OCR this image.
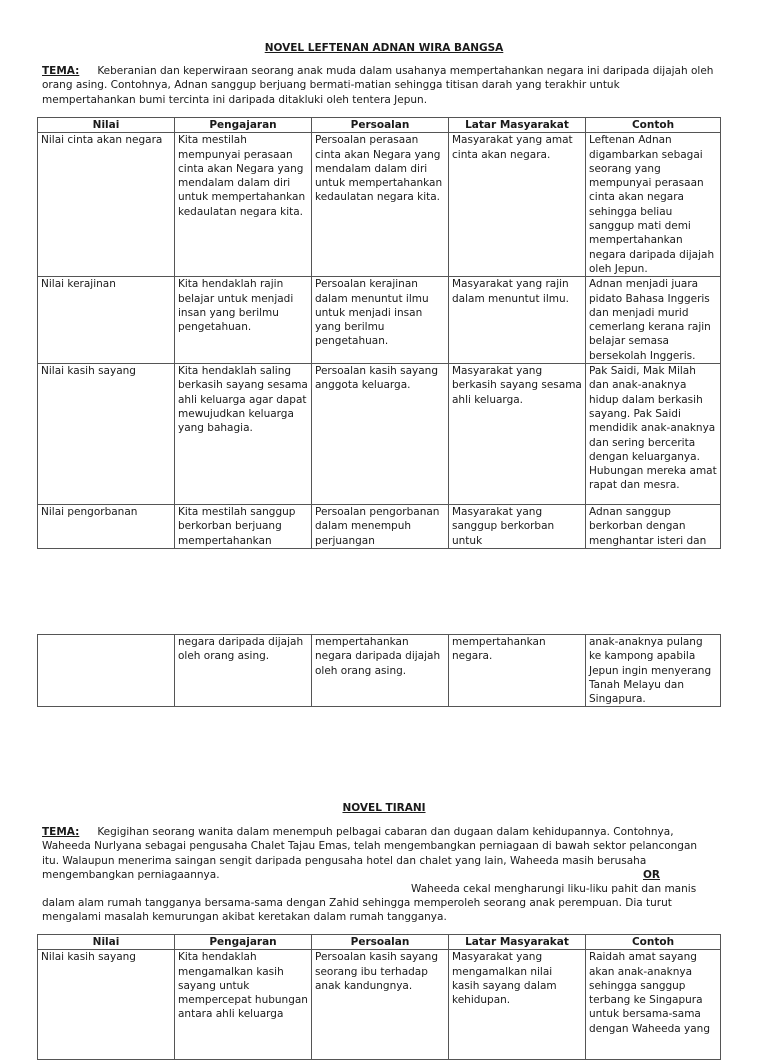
NOVEL LEFTENAN ADNAN WIRA BANGSA
TEMA: Keberanian dan keperwiraan seorang anak muda dalam usahanya mempertahankan negara ini daripada dijajah oleh orang asing. Contohnya, Adnan sanggup berjuang bermati-matian sehingga titisan darah yang terakhir untuk mempertahankan bumi tercinta ini daripada ditakluki oleh tentera Jepun.
Nilai	Pengajaran	Persoalan	Latar Masyarakat	Contoh
Nilai cinta akan negara	Kita mestilah mempunyai perasaan cinta akan Negara yang mendalam dalam diri untuk mempertahankan kedaulatan negara kita.	Persoalan perasaan cinta akan Negara yang mendalam dalam diri untuk mempertahankan kedaulatan negara kita.	Masyarakat yang amat cinta akan negara.	Leftenan Adnan digambarkan sebagai seorang yang mempunyai perasaan cinta akan negara sehingga beliau sanggup mati demi mempertahankan negara daripada dijajah oleh Jepun.
Nilai kerajinan	Kita hendaklah rajin belajar untuk menjadi insan yang berilmu pengetahuan.	Persoalan kerajinan dalam menuntut ilmu untuk menjadi insan yang berilmu pengetahuan.	Masyarakat yang rajin dalam menuntut ilmu.	Adnan menjadi juara pidato Bahasa Inggeris dan menjadi murid cemerlang kerana rajin belajar semasa bersekolah Inggeris.
Nilai kasih sayang	Kita hendaklah saling berkasih sayang sesama ahli keluarga agar dapat mewujudkan keluarga yang bahagia.	Persoalan kasih sayang anggota keluarga.	Masyarakat yang berkasih sayang sesama ahli keluarga.	Pak Saidi, Mak Milah dan anak-anaknya hidup dalam berkasih sayang. Pak Saidi mendidik anak-anaknya dan sering bercerita dengan keluarganya. Hubungan mereka amat rapat dan mesra.
Nilai pengorbanan	Kita mestilah sanggup berkorban berjuang mempertahankan	Persoalan pengorbanan dalam menempuh perjuangan	Masyarakat yang sanggup berkorban untuk	Adnan sanggup berkorban dengan menghantar isteri dan
	negara daripada dijajah oleh orang asing.	mempertahankan negara daripada dijajah oleh orang asing.	mempertahankan negara.	anak-anaknya pulang ke kampong apabila Jepun ingin menyerang Tanah Melayu dan Singapura.
NOVEL TIRANI
TEMA: Kegigihan seorang wanita dalam menempuh pelbagai cabaran dan dugaan dalam kehidupannya. Contohnya, Waheeda Nurlyana sebagai pengusaha Chalet Tajau Emas, telah mengembangkan perniagaan di bawah sektor pelancongan itu. Walaupun menerima saingan sengit daripada pengusaha hotel dan chalet yang lain, Waheeda masih berusaha mengembangkan perniagaannya.	OR
Waheeda cekal mengharungi liku-liku pahit dan manis
dalam alam rumah tangganya bersama-sama dengan Zahid sehingga memperoleh seorang anak perempuan. Dia turut mengalami masalah kemurungan akibat keretakan dalam rumah tangganya.
Nilai	Pengajaran	Persoalan	Latar Masyarakat	Contoh
Nilai kasih sayang	Kita hendaklah mengamalkan kasih sayang untuk mempercepat hubungan antara ahli keluarga	Persoalan kasih sayang seorang ibu terhadap anak kandungnya.	Masyarakat yang mengamalkan nilai kasih sayang dalam kehidupan.	Raidah amat sayang akan anak-anaknya sehingga sanggup terbang ke Singapura untuk bersama-sama dengan Waheeda yang
